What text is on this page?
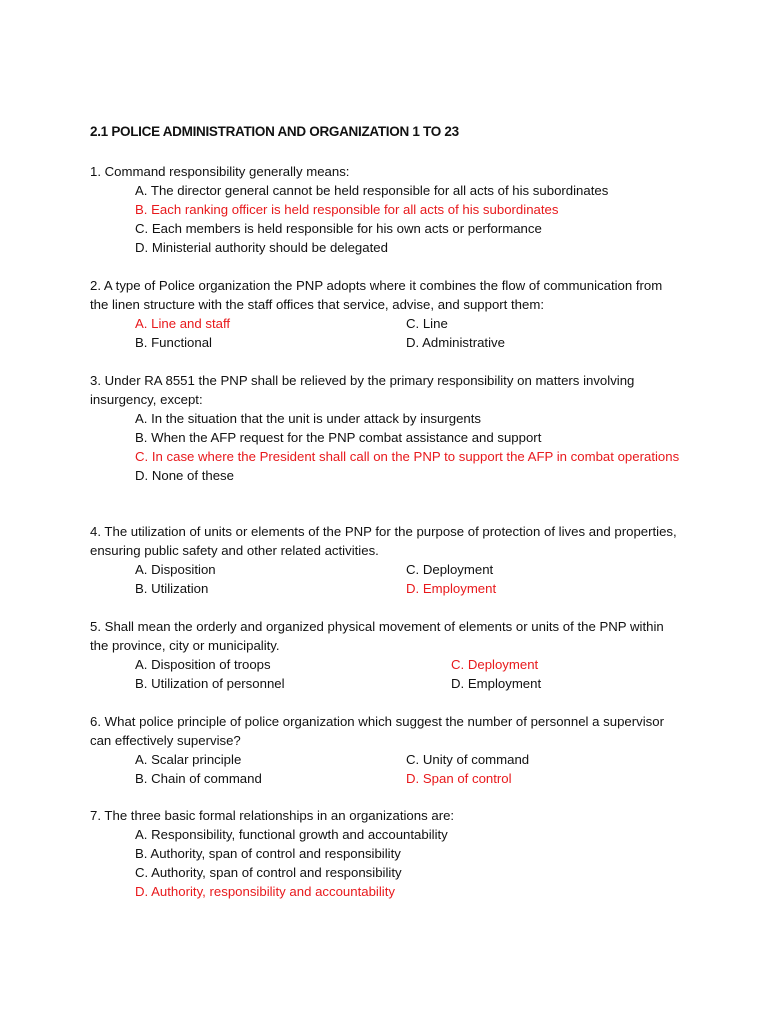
2.1 POLICE ADMINISTRATION AND ORGANIZATION 1 TO 23
1. Command responsibility generally means:
A. The director general cannot be held responsible for all acts of his subordinates
B. Each ranking officer is held responsible for all acts of his subordinates
C. Each members is held responsible for his own acts or performance
D. Ministerial authority should be delegated
2. A type of Police organization the PNP adopts where it combines the flow of communication from the linen structure with the staff offices that service, advise, and support them:
A. Line and staff	C. Line
B. Functional	D. Administrative
3. Under RA 8551 the PNP shall be relieved by the primary responsibility on matters involving insurgency, except:
A. In the situation that the unit is under attack by insurgents
B. When the AFP request for the PNP combat assistance and support
C. In case where the President shall call on the PNP to support the AFP in combat operations
D. None of these
4. The utilization of units or elements of the PNP for the purpose of protection of lives and properties, ensuring public safety and other related activities.
A. Disposition	C. Deployment
B. Utilization	D. Employment
5. Shall mean the orderly and organized physical movement of elements or units of the PNP within the province, city or municipality.
A. Disposition of troops	C. Deployment
B. Utilization of personnel	D. Employment
6. What police principle of police organization which suggest the number of personnel a supervisor can effectively supervise?
A. Scalar principle	C. Unity of command
B. Chain of command	D. Span of control
7. The three basic formal relationships in an organizations are:
A. Responsibility, functional growth and accountability
B. Authority, span of control and responsibility
C. Authority, span of control and responsibility
D. Authority, responsibility and accountability
